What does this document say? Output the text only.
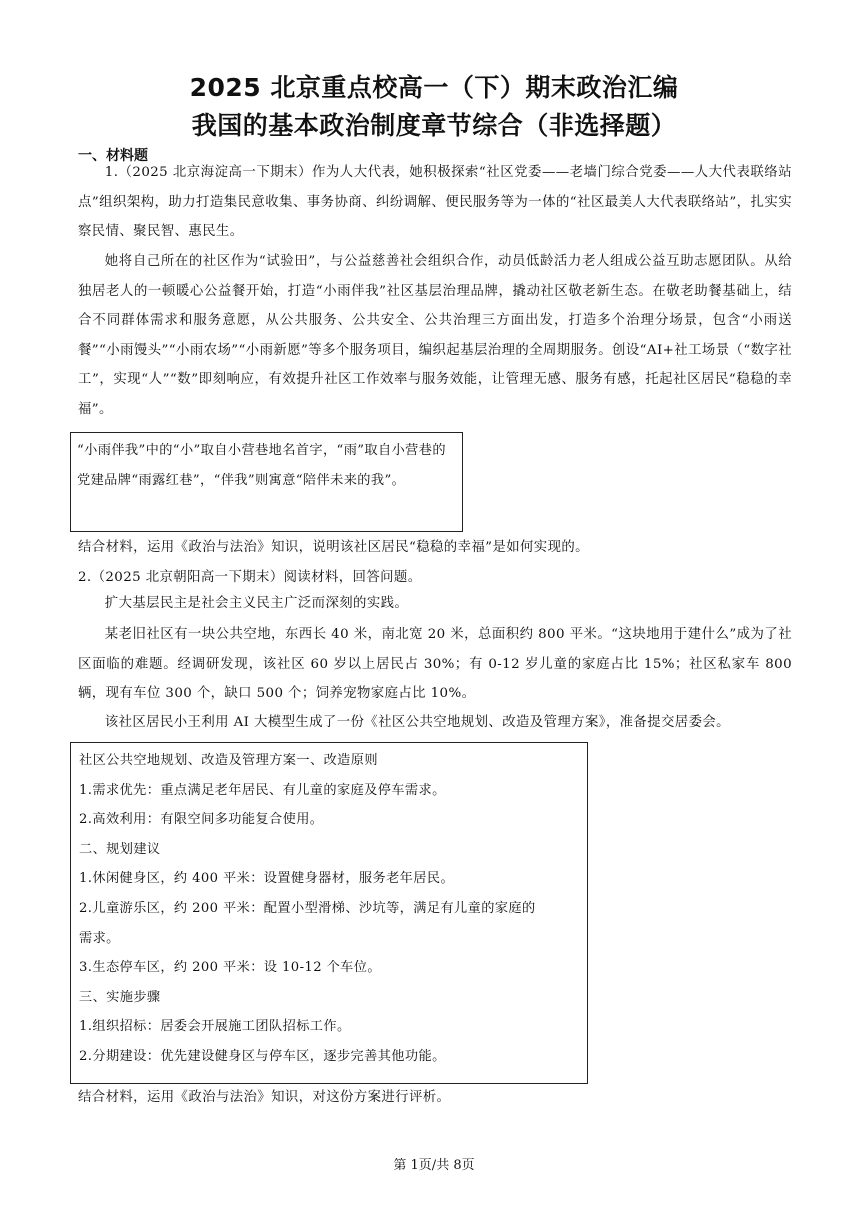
2025 北京重点校高一（下）期末政治汇编
我国的基本政治制度章节综合（非选择题）
一、材料题
1.（2025 北京海淀高一下期末）作为人大代表，她积极探索“社区党委——老墙门综合党委——人大代表联络站点”组织架构，助力打造集民意收集、事务协商、纠纷调解、便民服务等为一体的“社区最美人大代表联络站”，扎实实察民情、聚民智、惠民生。
她将自己所在的社区作为“试验田”，与公益慈善社会组织合作，动员低龄活力老人组成公益互助志愿团队。从给独居老人的一顿暖心公益餐开始，打造“小雨伴我”社区基层治理品牌，撬动社区敬老新生态。在敬老助餐基础上，结合不同群体需求和服务意愿，从公共服务、公共安全、公共治理三方面出发，打造多个治理分场景，包含“小雨送餐”“小雨馒头”“小雨农场”“小雨新愿”等多个服务项目，编织起基层治理的全周期服务。创设“AI+社工场景（“数字社工”，实现“人”“数”即刻响应，有效提升社区工作效率与服务效能，让管理无感、服务有感，托起社区居民“稳稳的幸福”。
“小雨伴我”中的“小”取自小营巷地名首字，“雨”取自小营巷的党建品牌“雨露红巷”，“伴我”则寓意“陪伴未来的我”。
结合材料，运用《政治与法治》知识，说明该社区居民“稳稳的幸福”是如何实现的。
2.（2025 北京朝阳高一下期末）阅读材料，回答问题。
扩大基层民主是社会主义民主广泛而深刻的实践。
某老旧社区有一块公共空地，东西长 40 米，南北宽 20 米，总面积约 800 平米。“这块地用于建什么”成为了社区面临的难题。经调研发现，该社区 60 岁以上居民占 30%；有 0-12 岁儿童的家庭占比 15%；社区私家车 800 辆，现有车位 300 个，缺口 500 个；饲养宠物家庭占比 10%。
该社区居民小王利用 AI 大模型生成了一份《社区公共空地规划、改造及管理方案》，准备提交居委会。
社区公共空地规划、改造及管理方案一、改造原则
1.需求优先：重点满足老年居民、有儿童的家庭及停车需求。
2.高效利用：有限空间多功能复合使用。
二、规划建议
1.休闲健身区，约 400 平米：设置健身器材，服务老年居民。
2.儿童游乐区，约 200 平米：配置小型滑梯、沙坑等，满足有儿童的家庭的
需求。
3.生态停车区，约 200 平米：设 10-12 个车位。
三、实施步骤
1.组织招标：居委会开展施工团队招标工作。
2.分期建设：优先建设健身区与停车区，逐步完善其他功能。
结合材料，运用《政治与法治》知识，对这份方案进行评析。
第 1页/共 8页
